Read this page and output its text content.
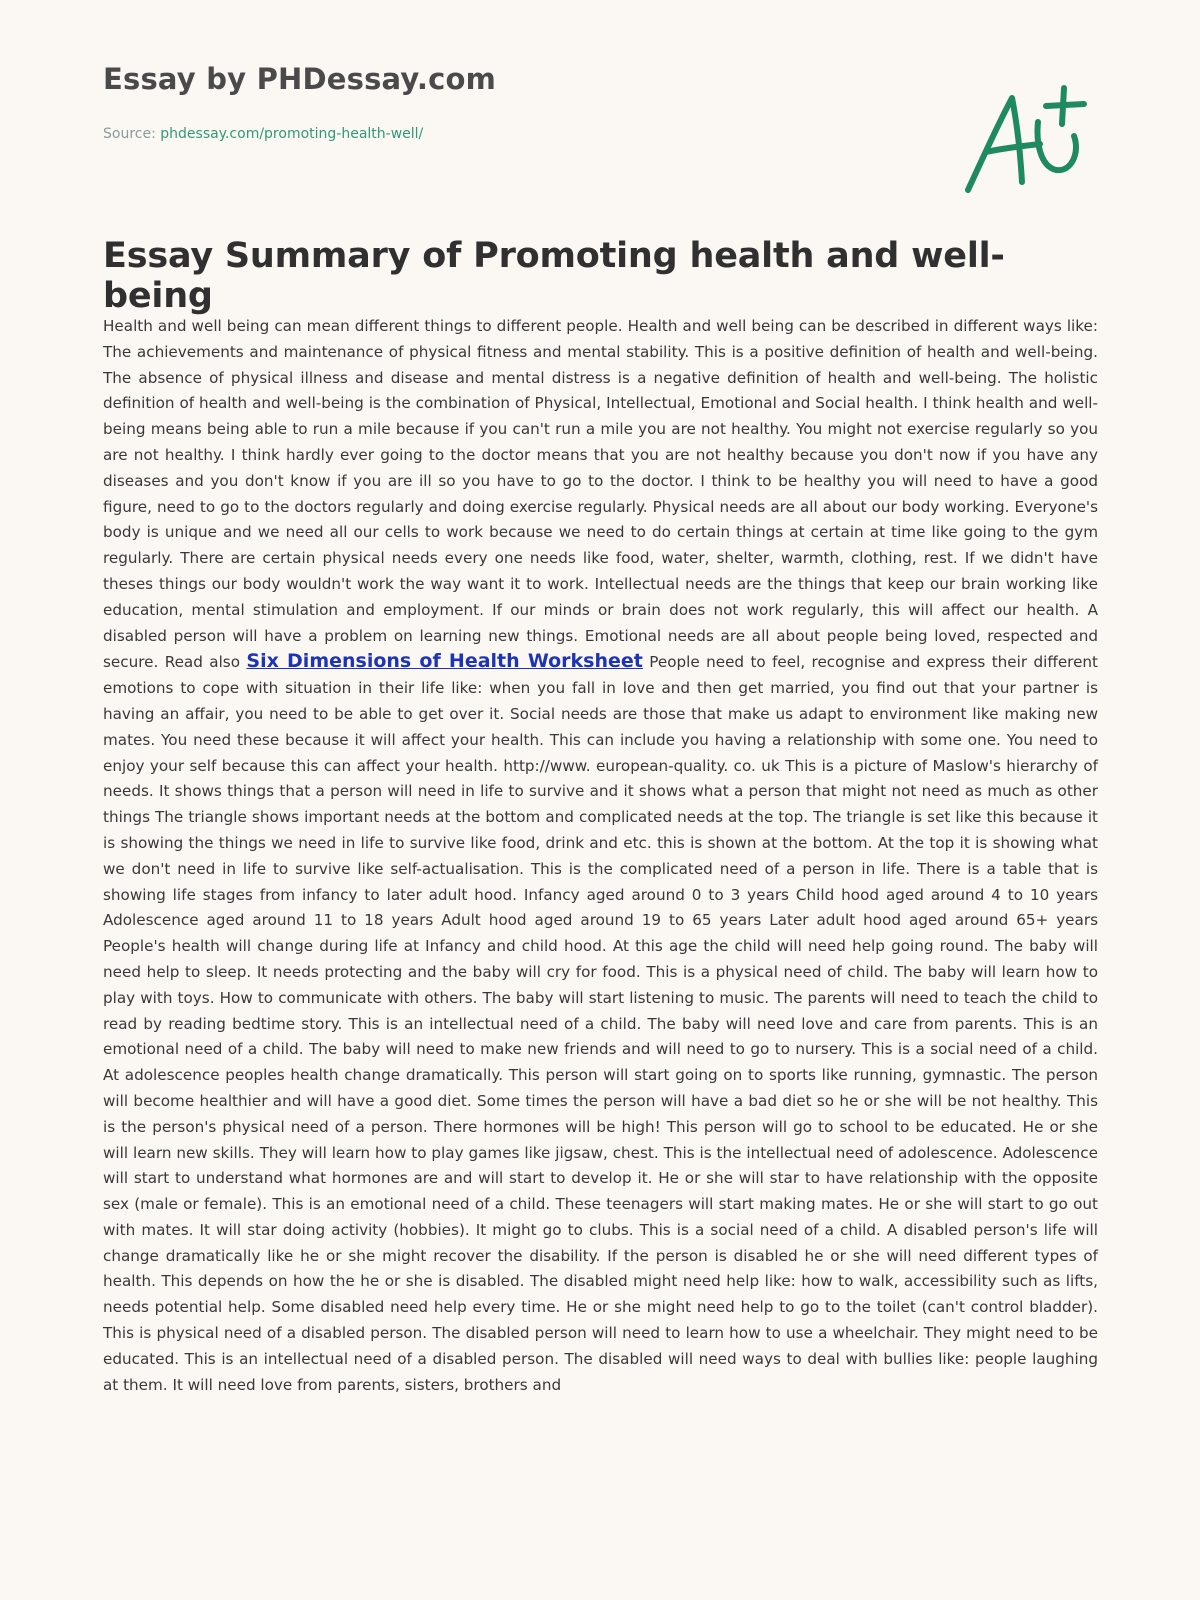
Essay by PHDessay.com
Source: phdessay.com/promoting-health-well/
Essay Summary of Promoting health and well-being

Health and well being can mean different things to different people. Health and well being can be described in different ways like: The achievements and maintenance of physical fitness and mental stability. This is a positive definition of health and well-being. The absence of physical illness and disease and mental distress is a negative definition of health and well-being. The holistic definition of health and well-being is the combination of Physical, Intellectual, Emotional and Social health. I think health and well-being means being able to run a mile because if you can't run a mile you are not healthy. You might not exercise regularly so you are not healthy. I think hardly ever going to the doctor means that you are not healthy because you don't now if you have any diseases and you don't know if you are ill so you have to go to the doctor. I think to be healthy you will need to have a good figure, need to go to the doctors regularly and doing exercise regularly. Physical needs are all about our body working. Everyone's body is unique and we need all our cells to work because we need to do certain things at certain at time like going to the gym regularly. There are certain physical needs every one needs like food, water, shelter, warmth, clothing, rest. If we didn't have theses things our body wouldn't work the way want it to work. Intellectual needs are the things that keep our brain working like education, mental stimulation and employment. If our minds or brain does not work regularly, this will affect our health. A disabled person will have a problem on learning new things. Emotional needs are all about people being loved, respected and secure. Read also Six Dimensions of Health Worksheet People need to feel, recognise and express their different emotions to cope with situation in their life like: when you fall in love and then get married, you find out that your partner is having an affair, you need to be able to get over it. Social needs are those that make us adapt to environment like making new mates. You need these because it will affect your health. This can include you having a relationship with some one. You need to enjoy your self because this can affect your health. http://www. european-quality. co. uk This is a picture of Maslow's hierarchy of needs. It shows things that a person will need in life to survive and it shows what a person that might not need as much as other things The triangle shows important needs at the bottom and complicated needs at the top. The triangle is set like this because it is showing the things we need in life to survive like food, drink and etc. this is shown at the bottom. At the top it is showing what we don't need in life to survive like self-actualisation. This is the complicated need of a person in life. There is a table that is showing life stages from infancy to later adult hood. Infancy aged around 0 to 3 years Child hood aged around 4 to 10 years Adolescence aged around 11 to 18 years Adult hood aged around 19 to 65 years Later adult hood aged around 65+ years People's health will change during life at Infancy and child hood. At this age the child will need help going round. The baby will need help to sleep. It needs protecting and the baby will cry for food. This is a physical need of child. The baby will learn how to play with toys. How to communicate with others. The baby will start listening to music. The parents will need to teach the child to read by reading bedtime story. This is an intellectual need of a child. The baby will need love and care from parents. This is an emotional need of a child. The baby will need to make new friends and will need to go to nursery. This is a social need of a child. At adolescence peoples health change dramatically. This person will start going on to sports like running, gymnastic. The person will become healthier and will have a good diet. Some times the person will have a bad diet so he or she will be not healthy. This is the person's physical need of a person. There hormones will be high! This person will go to school to be educated. He or she will learn new skills. They will learn how to play games like jigsaw, chest. This is the intellectual need of adolescence. Adolescence will start to understand what hormones are and will start to develop it. He or she will star to have relationship with the opposite sex (male or female). This is an emotional need of a child. These teenagers will start making mates. He or she will start to go out with mates. It will star doing activity (hobbies). It might go to clubs. This is a social need of a child. A disabled person's life will change dramatically like he or she might recover the disability. If the person is disabled he or she will need different types of health. This depends on how the he or she is disabled. The disabled might need help like: how to walk, accessibility such as lifts, needs potential help. Some disabled need help every time. He or she might need help to go to the toilet (can't control bladder). This is physical need of a disabled person. The disabled person will need to learn how to use a wheelchair. They might need to be educated. This is an intellectual need of a disabled person. The disabled will need ways to deal with bullies like: people laughing at them. It will need love from parents, sisters, brothers and
